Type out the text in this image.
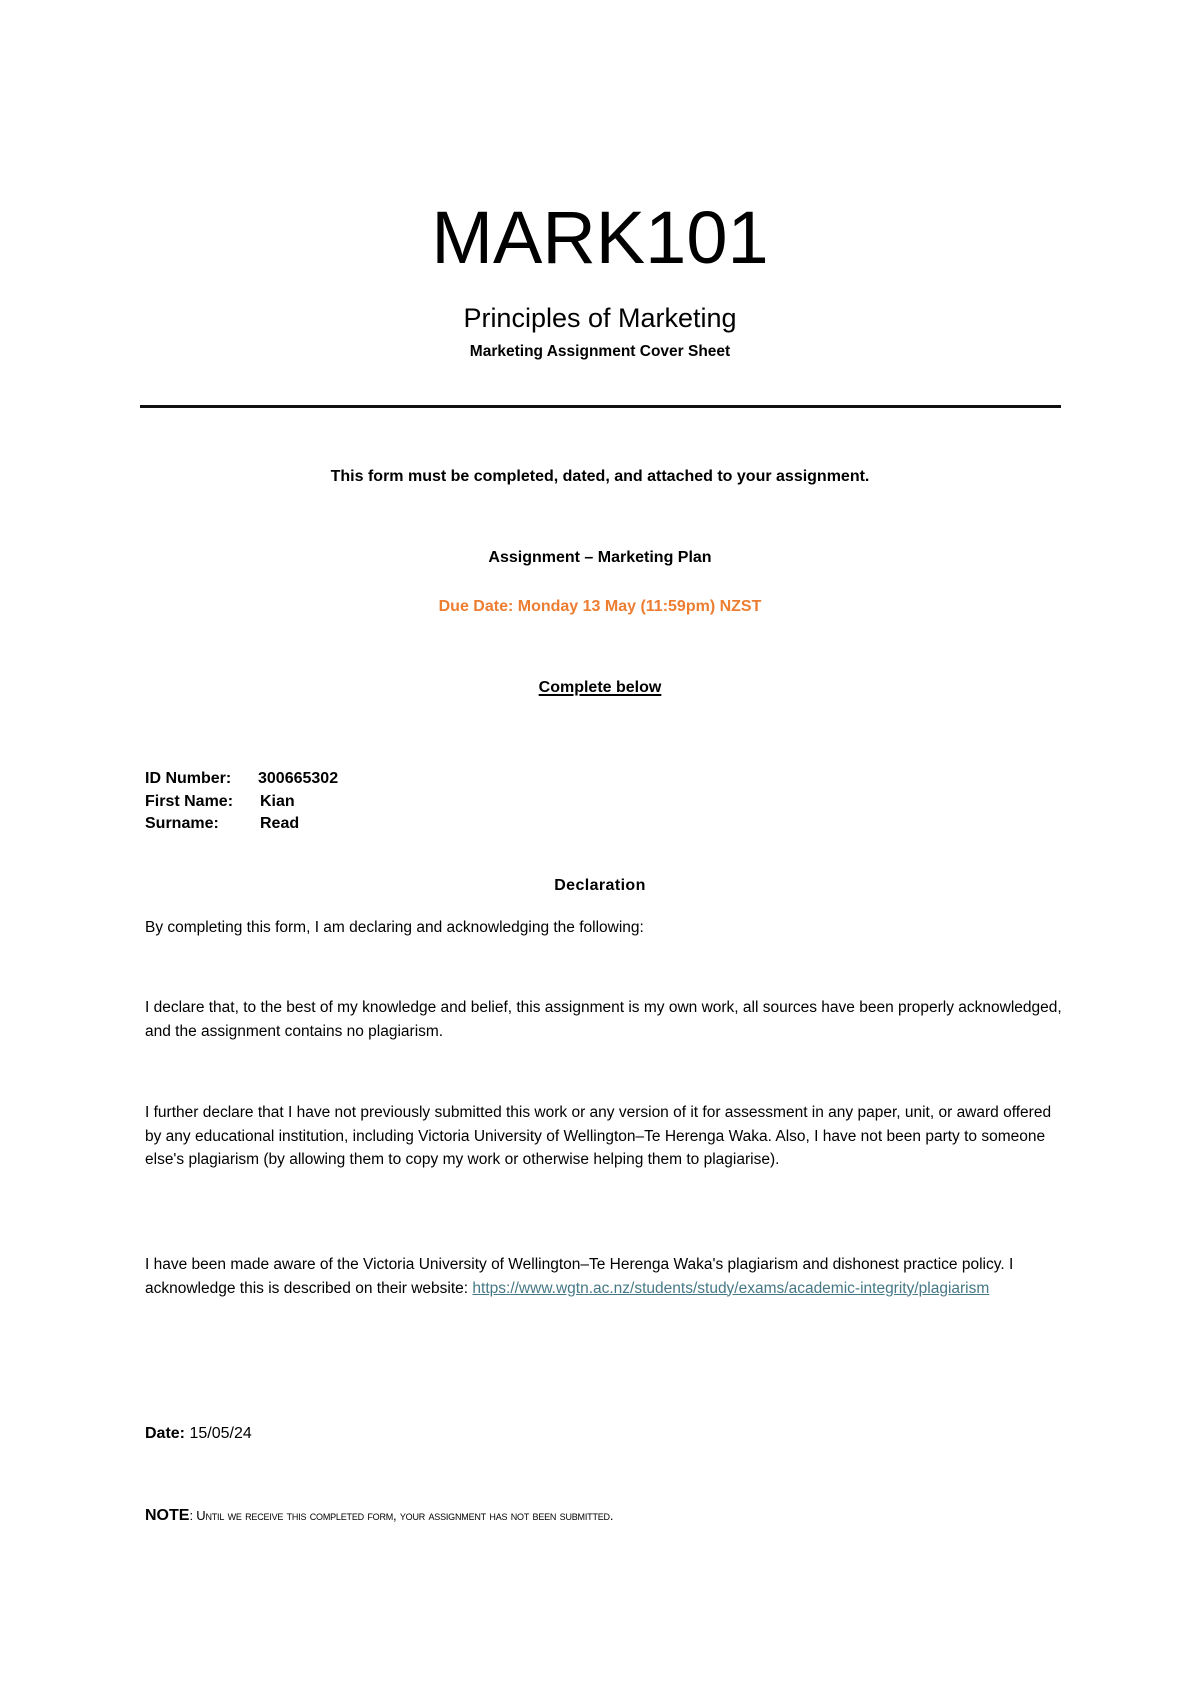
MARK101
Principles of Marketing
Marketing Assignment Cover Sheet
This form must be completed, dated, and attached to your assignment.
Assignment – Marketing Plan
Due Date: Monday 13 May (11:59pm) NZST
Complete below
ID Number:	300665302
First Name:	Kian
Surname:	Read
Declaration
By completing this form, I am declaring and acknowledging the following:
I declare that, to the best of my knowledge and belief, this assignment is my own work, all sources have been properly acknowledged, and the assignment contains no plagiarism.
I further declare that I have not previously submitted this work or any version of it for assessment in any paper, unit, or award offered by any educational institution, including Victoria University of Wellington–Te Herenga Waka. Also, I have not been party to someone else's plagiarism (by allowing them to copy my work or otherwise helping them to plagiarise).
I have been made aware of the Victoria University of Wellington–Te Herenga Waka's plagiarism and dishonest practice policy. I acknowledge this is described on their website: https://www.wgtn.ac.nz/students/study/exams/academic-integrity/plagiarism
Date: 15/05/24
NOTE: Until we receive this completed form, your assignment has not been submitted.
